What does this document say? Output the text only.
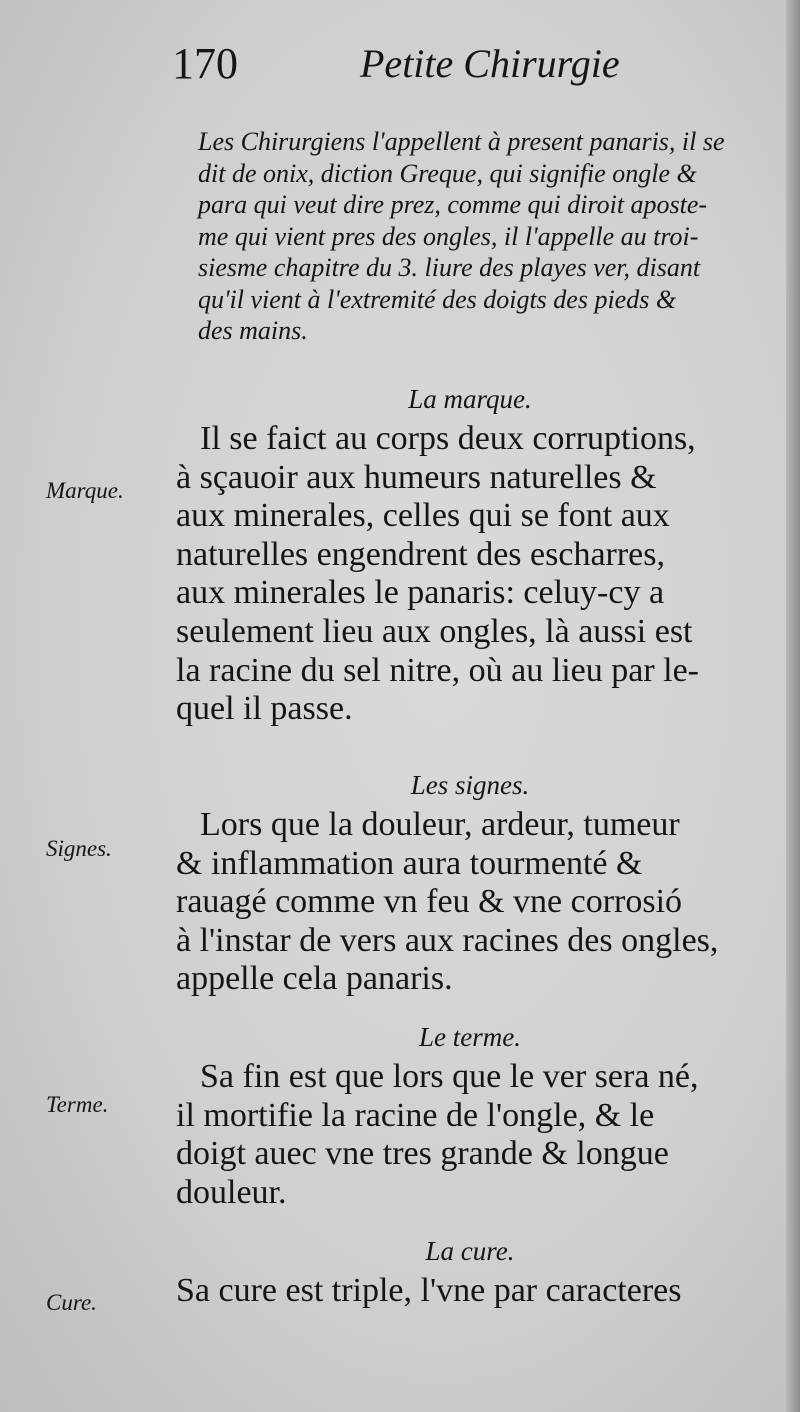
170	Petite Chirurgie
Les Chirurgiens l'appellent à present panaris, il se
dit de onix, diction Greque, qui signifie ongle &
para qui veut dire prez, comme qui diroit aposte-
me qui vient pres des ongles, il l'appelle au troi-
siesme chapitre du 3. liure des playes ver, disant
qu'il vient à l'extremité des doigts des pieds &
des mains.
La marque.
Marque.
Il se faict au corps deux corruptions,
à sçauoir aux humeurs naturelles &
aux minerales, celles qui se font aux
naturelles engendrent des escharres,
aux minerales le panaris: celuy-cy a
seulement lieu aux ongles, là aussi est
la racine du sel nitre, où au lieu par le-
quel il passe.
Les signes.
Signes.
Lors que la douleur, ardeur, tumeur
& inflammation aura tourmenté &
rauagé comme vn feu & vne corrosió
à l'instar de vers aux racines des ongles,
appelle cela panaris.
Le terme.
Terme.
Sa fin est que lors que le ver sera né,
il mortifie la racine de l'ongle, & le
doigt auec vne tres grande & longue
douleur.
La cure.
Cure. Sa cure est triple, l'vne par caracteres
